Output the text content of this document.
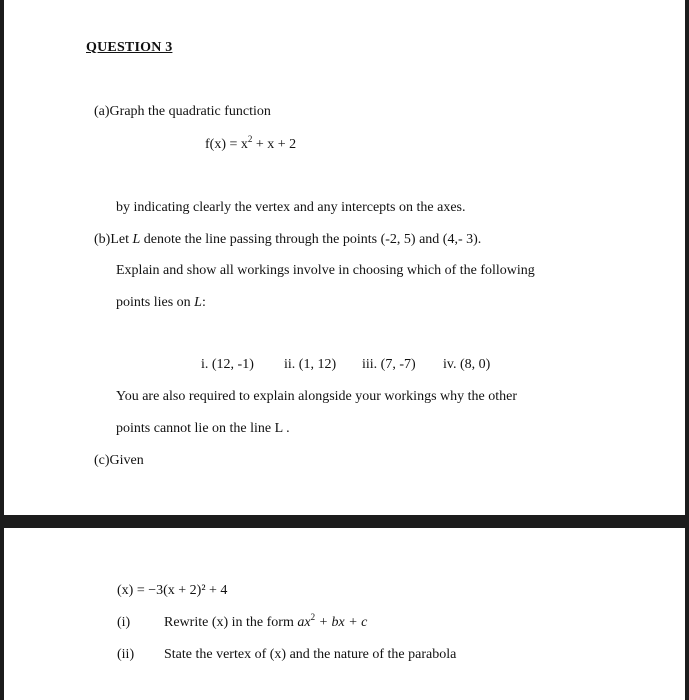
QUESTION 3
(a)Graph the quadratic function
$f(x) = x^2 + x + 2$
by indicating clearly the vertex and any intercepts on the axes.
(b)Let L denote the line passing through the points (-2, 5) and (4,- 3).
Explain and show all workings involve in choosing which of the following
points lies on L:
i. (12, -1) ii. (1, 12) iii. (7, -7) iv. (8, 0)
You are also required to explain alongside your workings why the other
points cannot lie on the line L .
(c)Given
(x) = −3(x + 2)² + 4
(i) Rewrite (x) in the form $ax^2$ + bx + c
(ii) State the vertex of (x) and the nature of the parabola
